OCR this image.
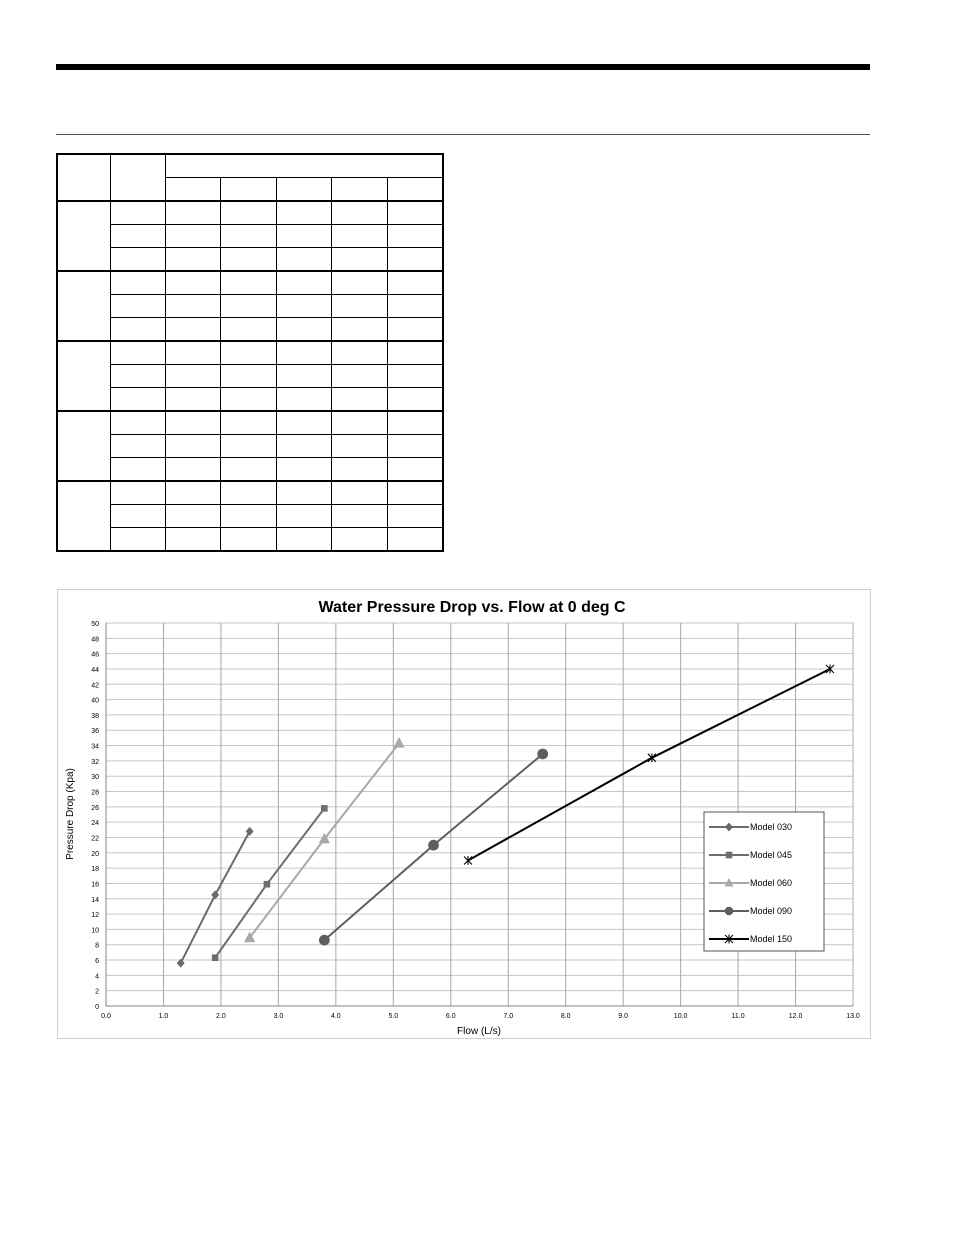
Water Pressure Drop vs. Flow at 0 deg C
Flow (L/s)
Pressure Drop (Kpa)
0
2
4
6
8
10
12
14
16
18
20
22
24
26
28
30
32
34
36
38
40
42
44
46
48
50
0.0	1.0	2.0	3.0	4.0	5.0	6.0	7.0	8.0	9.0	10.0	11.0	12.0	13.0
Model 030
Model 045
Model 060
Model 090
Model 150
